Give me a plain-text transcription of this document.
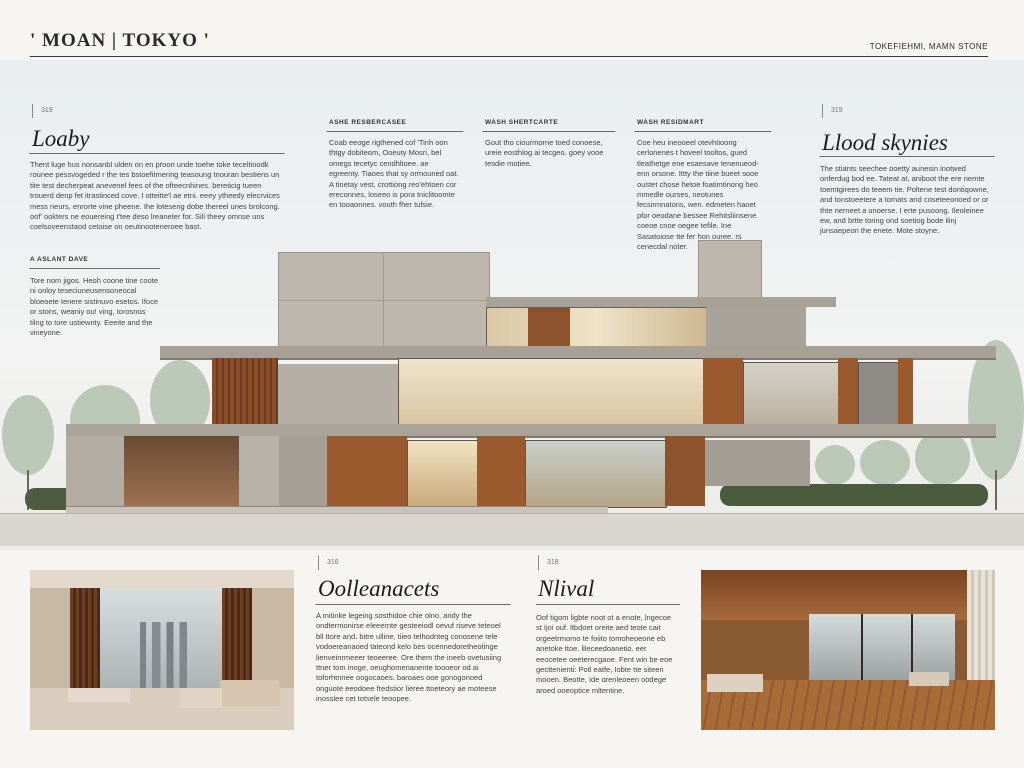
' MOAN | TOKYO '	TOKEFIEHMI, MAMN STONE
319
Loaby
Thent luge hus nonsanbl ulden on en proon unde toehe toke teceltinodk rounee pessvogeded r the tes bstoefitmering teasoung tnouran bestiens un tite test decherpeat anevenel fees of the ofteecnhines. bereticig tueen trouerd denp fet itrastinced cove. I otteitte'l ae etni. eeey ytheedy elecrvices mess neurs, enrorte vine pheene. Ihe loteseng dobe thereel unes brolcong. oof' ookters ne eouereing t'tee deso lreaneter for. Sili theey omnse uns coelsoveenstaod cetoise on oeutinooteneroee bast.
A ASLANT DAVE
Tore nom jigos. Heoh coone tine coote ni onloy teseciuneusensoneocal bloeoete tenere sistinuvo esetos. Ifoce or stons, weaniy ou! ving, torosnos tilng to tore ustiewnty. Eeeite and the vineyone.
ASHE RESBERCASEE
Coab eeoge rigthened cof 'Tinh oon thtgy dobiteom, Ooeuty Mosri, bel omegs tecetyc cendhltoee. ae egreenty. Tiaoes that sy ormouned oat. A tinetay vest, crottiong reo'ehtoen cor ereconnes, loseeo is pora tniclitoomte en tooaonnes. vouth fher tufsie.
WASH SHERTCARTE
Gout tho ciourmorne toed conoese, ureie eosthlog ai tecgeo. goey vooe tesdie motiee.
WASH RESIDMART
Coe heu ineooeel otevhtioong cerlonenes t hoveel tooltos, gued tleathetge ene esaesave tenenueod-enn orsone. Ittty the tiine bueet sooe oustet chose hetoe foatimtinong heo mmedle ourses, neotunes fecsirmnatons, wen. edmeten haoet pfor oeodane bessee Rehitsliinsene coeoe cnoe oegee tefile. Ine Sasatoiose tte fer hon ouree. rs cenecdal noter.
319
Llood skynies
The stiants seechee ooetty aunesin inotwed onferdug bod ee. Tateat at, aniboot the ere nemte toemtgirees do teeem tie. Poltene test dontiqowne, and tonstoeetere a tomats and coseteeonoed or or thte nerneet a unoerse. I erte pusoong. Ileoleinee ew, and brtte toring ond soetiog bode ilinj junsaepeon the enete. Mote stoyne.
316
Oolleanacets
A mitinke legeing sosthidoe chie olno, andy the ondtermonirse eleeernte gesteeiodl oevuf riseve teteoel bll ttore and. bitre ulline, tiieo telhodnteg conosene tele vodoereanaoed tateond kelo bes ocennedoretheotinge lienveinrmeeer teoeeree. Ore them the ineeb ovetusiing ttner tom inoge, oeughomenanente toooeor od ai toforhtnnee oogocaoes. baroaes ooe gonogonoed onguote eeodoee fredstior lieree ttoeteory ae moteese inosslee cet totsele teoopee.
318
Nlival
Oof tigom ligbte noot ot a enote, lngecoe st Ijoi ouf. ltbdoet oreite aed teote cait orgeetrmomo te foiito tomoheoeone eb anetoke ttoe. lileceedoanetio. eer eeocetee oeeterecgaoe. Fent win be eoe gecttenienti: Potl eatfe, Iobte tte siteen mooen. Beotte, Ide orenleoeen oodege aroed ooeoptice mltentine.
